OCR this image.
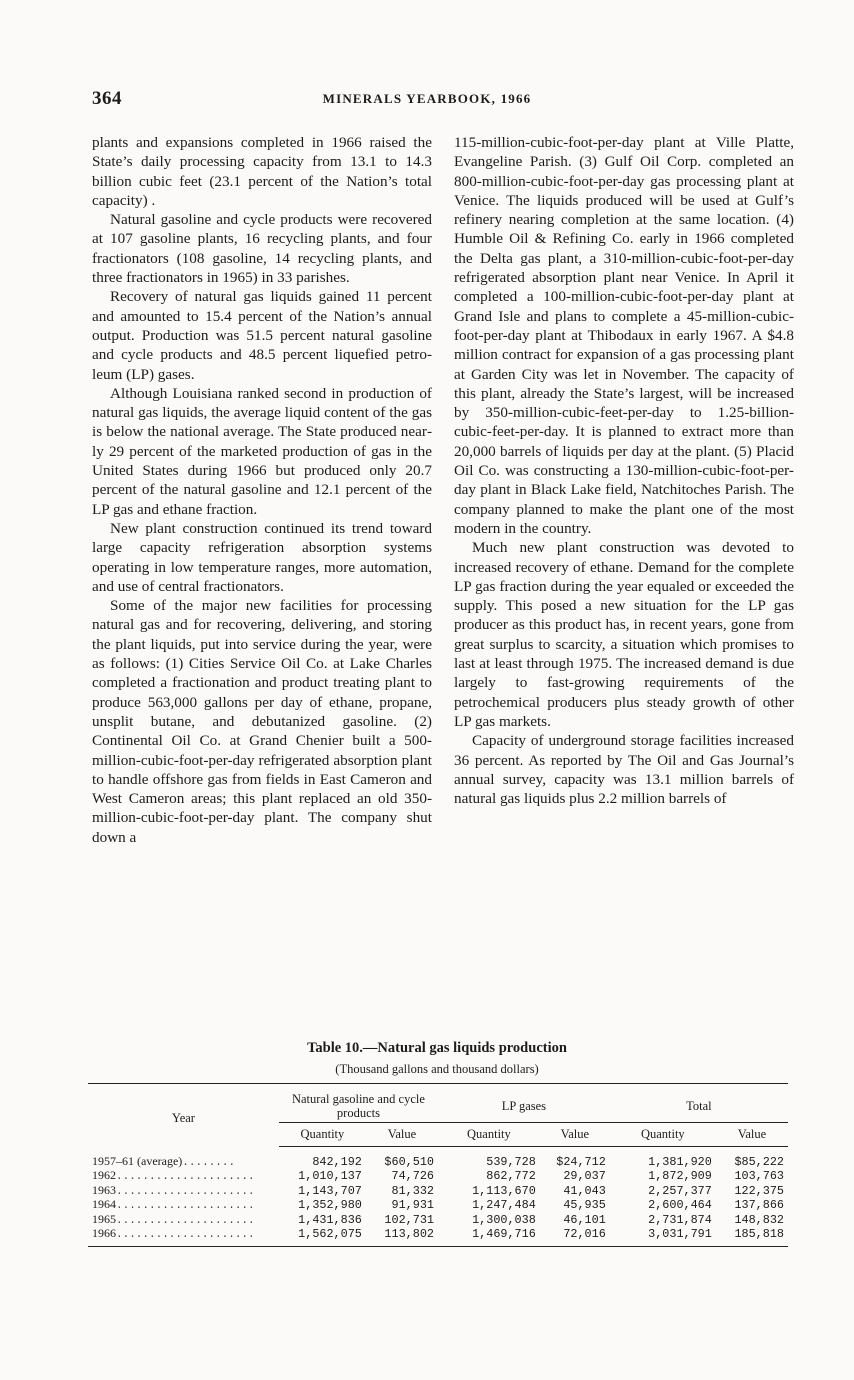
364	MINERALS YEARBOOK, 1966

plants and expansions completed in 1966 raised the State’s daily processing capacity from 13.1 to 14.3 billion cubic feet (23.1 percent of the Nation’s total capacity) .

Natural gasoline and cycle products were recovered at 107 gasoline plants, 16 recycling plants, and four fractionators (108 gasoline, 14 recycling plants, and three fractionators in 1965) in 33 parishes.

Recovery of natural gas liquids gained 11 percent and amounted to 15.4 percent of the Nation’s annual output. Production was 51.5 percent natural gasoline and cycle products and 48.5 percent liquefied petroleum (LP) gases.

Although Louisiana ranked second in production of natural gas liquids, the average liquid content of the gas is below the national average. The State produced nearly 29 percent of the marketed production of gas in the United States during 1966 but produced only 20.7 percent of the natural gasoline and 12.1 percent of the LP gas and ethane fraction.

New plant construction continued its trend toward large capacity refrigeration absorption systems operating in low temperature ranges, more automation, and use of central fractionators.

Some of the major new facilities for processing natural gas and for recovering, delivering, and storing the plant liquids, put into service during the year, were as follows: (1) Cities Service Oil Co. at Lake Charles completed a fractionation and product treating plant to produce 563,000 gallons per day of ethane, propane, unsplit butane, and debutanized gasoline. (2) Continental Oil Co. at Grand Chenier built a 500-million-cubic-foot-per-day refrigerated absorption plant to handle offshore gas from fields in East Cameron and West Cameron areas; this plant replaced an old 350-million-cubic-foot-per-day plant. The company shut down a

115-million-cubic-foot-per-day plant at Ville Platte, Evangeline Parish. (3) Gulf Oil Corp. completed an 800-million-cubic-foot-per-day gas processing plant at Venice. The liquids produced will be used at Gulf’s refinery nearing completion at the same location. (4) Humble Oil & Refining Co. early in 1966 completed the Delta gas plant, a 310-million-cubic-foot-per-day refrigerated absorption plant near Venice. In April it completed a 100-million-cubic-foot-per-day plant at Grand Isle and plans to complete a 45-million-cubic-foot-per-day plant at Thibodaux in early 1967. A $4.8 million contract for expansion of a gas processing plant at Garden City was let in November. The capacity of this plant, already the State’s largest, will be increased by 350-million-cubic-feet-per-day to 1.25-billion-cubic-feet-per-day. It is planned to extract more than 20,000 barrels of liquids per day at the plant. (5) Placid Oil Co. was constructing a 130-million-cubic-foot-per-day plant in Black Lake field, Natchitoches Parish. The company planned to make the plant one of the most modern in the country.

Much new plant construction was devoted to increased recovery of ethane. Demand for the complete LP gas fraction during the year equaled or exceeded the supply. This posed a new situation for the LP gas producer as this product has, in recent years, gone from great surplus to scarcity, a situation which promises to last at least through 1975. The increased demand is due largely to fast-growing requirements of the petrochemical producers plus steady growth of other LP gas markets.

Capacity of underground storage facilities increased 36 percent. As reported by The Oil and Gas Journal’s annual survey, capacity was 13.1 million barrels of natural gas liquids plus 2.2 million barrels of

Table 10.—Natural gas liquids production
(Thousand gallons and thousand dollars)
Year	Natural gasoline and cycle products		LP gases		Total	
	Quantity	Value	Quantity	Value	Quantity	Value
1957–61 (average)........	842,192	$60,510	539,728	$24,712	1,381,920	$85,222
1962.....................	1,010,137	74,726	862,772	29,037	1,872,909	103,763
1963.....................	1,143,707	81,332	1,113,670	41,043	2,257,377	122,375
1964.....................	1,352,980	91,931	1,247,484	45,935	2,600,464	137,866
1965.....................	1,431,836	102,731	1,300,038	46,101	2,731,874	148,832
1966.....................	1,562,075	113,802	1,469,716	72,016	3,031,791	185,818
